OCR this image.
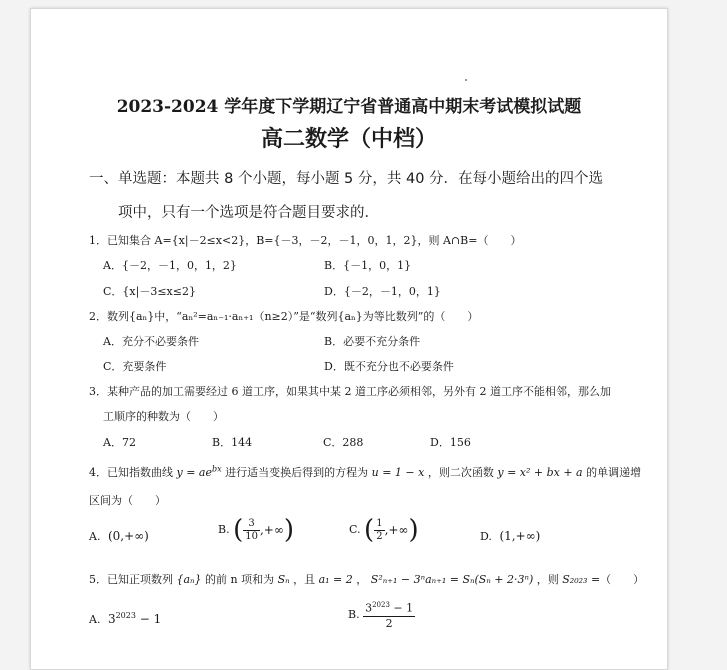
2023-2024 学年度下学期辽宁省普通高中期末考试模拟试题
高二数学（中档）
一、单选题：本题共 8 个小题，每小题 5 分，共 40 分．在每小题给出的四个选
项中，只有一个选项是符合题目要求的．
1．已知集合 A={x|－2≤x<2}，B={－3，－2，－1，0，1，2}，则 A∩B=（　　）
A．{－2，－1，0，1，2}	B．{－1，0，1}
C．{x|－3≤x≤2}	D．{－2，－1，0，1}
2．数列{aₙ}中，“aₙ²=aₙ₋₁·aₙ₊₁（n≥2）”是“数列{aₙ}为等比数列”的（　　）
A．充分不必要条件	B．必要不充分条件
C．充要条件	D．既不充分也不必要条件
3．某种产品的加工需要经过 6 道工序，如果其中某 2 道工序必须相邻，另外有 2 道工序不能相邻，那么加
工顺序的种数为（　　）
A．72	B．144	C．288	D．156
4．已知指数曲线 $y = ae^{bx}$ 进行适当变换后得到的方程为 u = 1 − x ，则二次函数 y = x² + bx + a 的单调递增
区间为（　　）
A. (0,+∞)	B. ( $\frac{3}{10}$ ,+∞)	C. ( $\frac{1}{2}$ ,+∞)	D. (1,+∞)
5．已知正项数列 {aₙ} 的前 n 项和为 Sₙ ，且 a₁ = 2 ， S²ₙ₊₁ − 3ⁿaₙ₊₁ = Sₙ(Sₙ + 2·3ⁿ) ，则 S₂₀₂₃ =（　　）
A. $3^{2023} - 1$	B. $\frac{3^{2023} - 1}{2}$
